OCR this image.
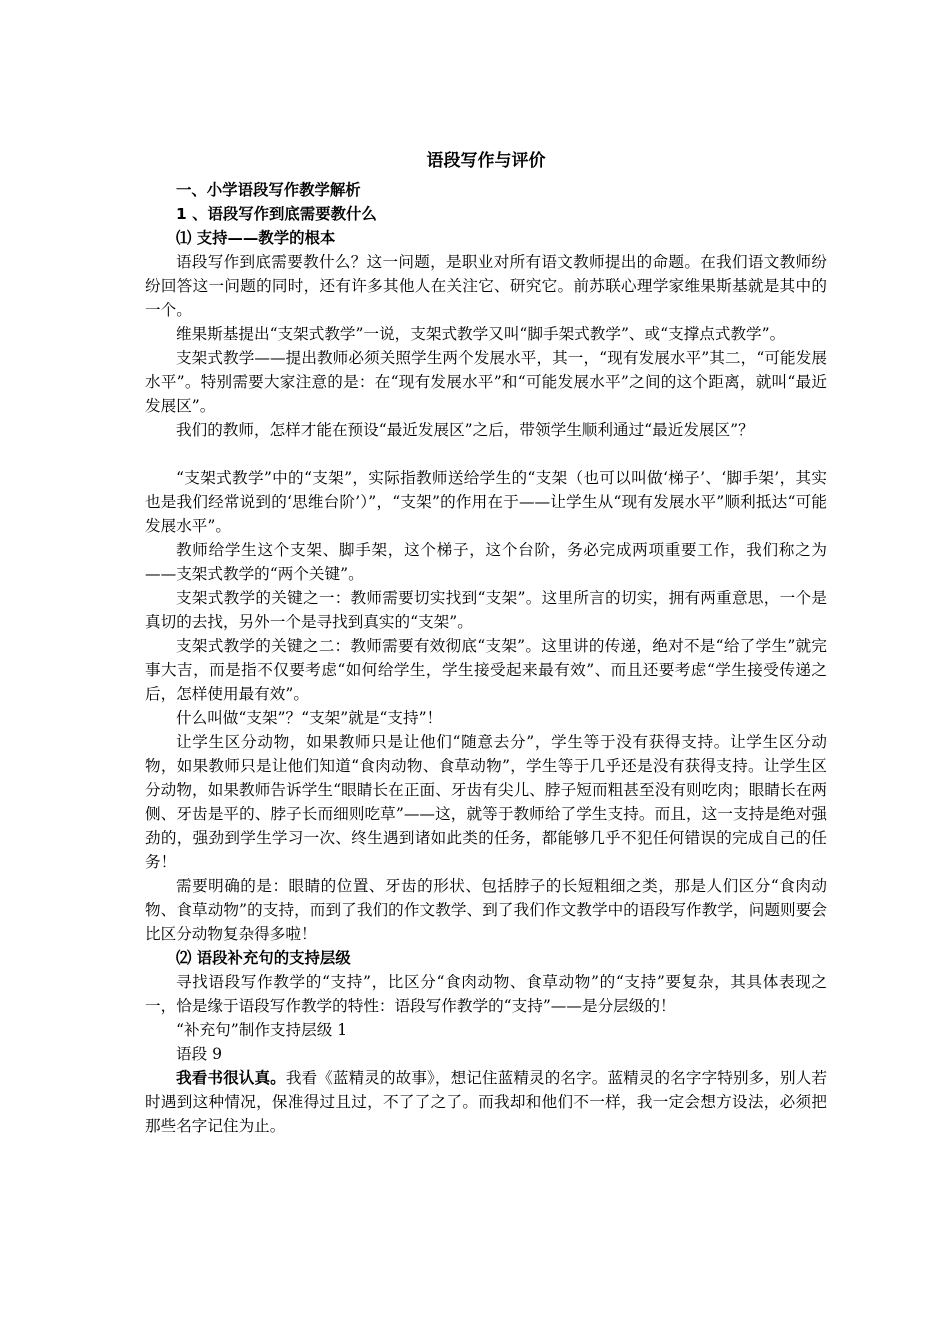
语段写作与评价
一、小学语段写作教学解析
1 、语段写作到底需要教什么
⑴ 支持——教学的根本

语段写作到底需要教什么？这一问题，是职业对所有语文教师提出的命题。在我们语文教师纷纷回答这一问题的同时，还有许多其他人在关注它、研究它。前苏联心理学家维果斯基就是其中的一个。

维果斯基提出“支架式教学”一说，支架式教学又叫“脚手架式教学”、或“支撑点式教学”。

支架式教学——提出教师必须关照学生两个发展水平，其一，“现有发展水平”其二，“可能发展水平”。特别需要大家注意的是：在“现有发展水平”和“可能发展水平”之间的这个距离，就叫“最近发展区”。

我们的教师，怎样才能在预设“最近发展区”之后，带领学生顺利通过“最近发展区”？

“支架式教学”中的“支架”，实际指教师送给学生的“支架（也可以叫做‘梯子’、‘脚手架’，其实也是我们经常说到的‘思维台阶’）”，“支架”的作用在于——让学生从“现有发展水平”顺利抵达“可能发展水平”。

教师给学生这个支架、脚手架，这个梯子，这个台阶，务必完成两项重要工作，我们称之为——支架式教学的“两个关键”。

支架式教学的关键之一：教师需要切实找到“支架”。这里所言的切实，拥有两重意思，一个是真切的去找，另外一个是寻找到真实的“支架”。

支架式教学的关键之二：教师需要有效彻底“支架”。这里讲的传递，绝对不是“给了学生”就完事大吉，而是指不仅要考虑“如何给学生，学生接受起来最有效”、而且还要考虑“学生接受传递之后，怎样使用最有效”。

什么叫做“支架”？“支架”就是“支持”！

让学生区分动物，如果教师只是让他们“随意去分”，学生等于没有获得支持。让学生区分动物，如果教师只是让他们知道“食肉动物、食草动物”，学生等于几乎还是没有获得支持。让学生区分动物，如果教师告诉学生“眼睛长在正面、牙齿有尖儿、脖子短而粗甚至没有则吃肉；眼睛长在两侧、牙齿是平的、脖子长而细则吃草”——这，就等于教师给了学生支持。而且，这一支持是绝对强劲的，强劲到学生学习一次、终生遇到诸如此类的任务，都能够几乎不犯任何错误的完成自己的任务！

需要明确的是：眼睛的位置、牙齿的形状、包括脖子的长短粗细之类，那是人们区分“食肉动物、食草动物”的支持，而到了我们的作文教学、到了我们作文教学中的语段写作教学，问题则要会比区分动物复杂得多啦！

⑵ 语段补充句的支持层级

寻找语段写作教学的“支持”，比区分“食肉动物、食草动物”的“支持”要复杂，其具体表现之一，恰是缘于语段写作教学的特性：语段写作教学的“支持”——是分层级的！

“补充句”制作支持层级 1

语段 9

我看书很认真。我看《蓝精灵的故事》，想记住蓝精灵的名字。蓝精灵的名字字特别多，别人若时遇到这种情况，保准得过且过，不了了之了。而我却和他们不一样，我一定会想方设法，必须把那些名字记住为止。
